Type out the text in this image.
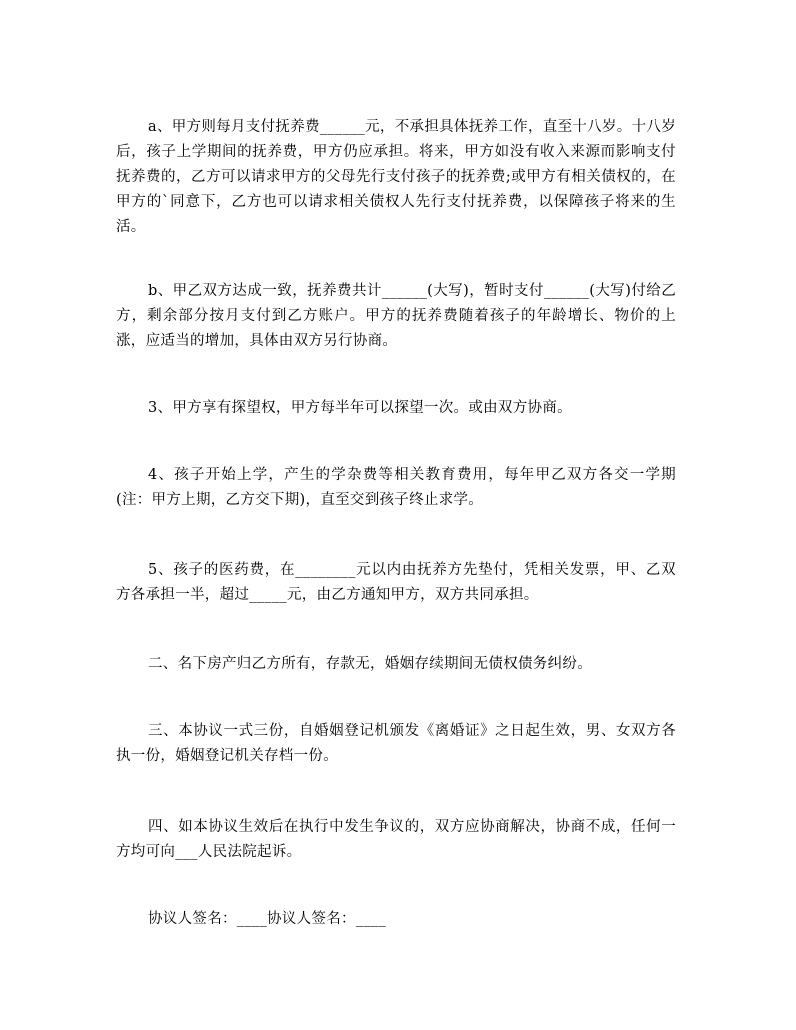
a、甲方则每月支付抚养费______元，不承担具体抚养工作，直至十八岁。十八岁后，孩子上学期间的抚养费，甲方仍应承担。将来，甲方如没有收入来源而影响支付抚养费的，乙方可以请求甲方的父母先行支付孩子的抚养费;或甲方有相关债权的，在甲方的`同意下，乙方也可以请求相关债权人先行支付抚养费，以保障孩子将来的生活。

b、甲乙双方达成一致，抚养费共计______(大写)，暂时支付______(大写)付给乙方，剩余部分按月支付到乙方账户。甲方的抚养费随着孩子的年龄增长、物价的上涨，应适当的增加，具体由双方另行协商。

3、甲方享有探望权，甲方每半年可以探望一次。或由双方协商。

4、孩子开始上学，产生的学杂费等相关教育费用，每年甲乙双方各交一学期(注：甲方上期，乙方交下期)，直至交到孩子终止求学。

5、孩子的医药费，在________元以内由抚养方先垫付，凭相关发票，甲、乙双方各承担一半，超过_____元，由乙方通知甲方，双方共同承担。

二、名下房产归乙方所有，存款无，婚姻存续期间无债权债务纠纷。

三、本协议一式三份，自婚姻登记机颁发《离婚证》之日起生效，男、女双方各执一份，婚姻登记机关存档一份。

四、如本协议生效后在执行中发生争议的，双方应协商解决，协商不成，任何一方均可向___人民法院起诉。

协议人签名：____协议人签名：____
